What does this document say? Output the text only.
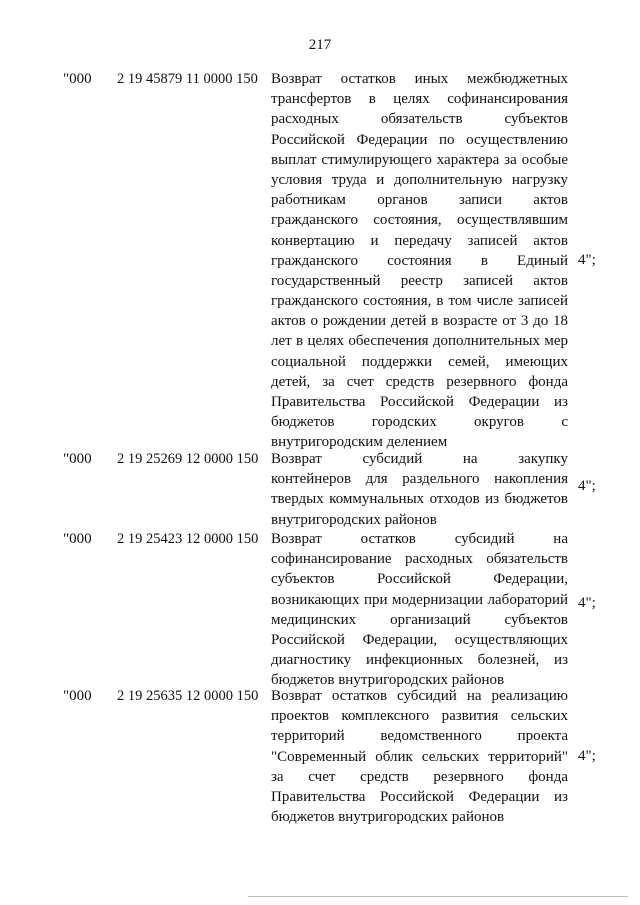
217
"000 2 19 45879 11 0000 150 Возврат остатков иных межбюджетных
трансфертов в целях софинансирования
расходных обязательств субъектов
Российской Федерации по осуществлению
выплат стимулирующего характера за особые
условия труда и дополнительную нагрузку
работникам органов записи актов
гражданского состояния, осуществлявшим
конвертацию и передачу записей актов
гражданского состояния в Единый
государственный реестр записей актов
гражданского состояния, в том числе записей
актов о рождении детей в возрасте от 3 до 18
лет в целях обеспечения дополнительных мер
социальной поддержки семей, имеющих
детей, за счет средств резервного фонда
Правительства Российской Федерации из
бюджетов городских округов с
внутригородским делением
4";
"000 2 19 25269 12 0000 150 Возврат субсидий на закупку
контейнеров для раздельного накопления
твердых коммунальных отходов из бюджетов
внутригородских районов
4";
"000 2 19 25423 12 0000 150 Возврат остатков субсидий на
софинансирование расходных обязательств
субъектов Российской Федерации,
возникающих при модернизации лабораторий
медицинских организаций субъектов
Российской Федерации, осуществляющих
диагностику инфекционных болезней, из
бюджетов внутригородских районов
4";
"000 2 19 25635 12 0000 150 Возврат остатков субсидий на реализацию
проектов комплексного развития сельских
территорий ведомственного проекта
"Современный облик сельских территорий"
за счет средств резервного фонда
Правительства Российской Федерации из
бюджетов внутригородских районов
4";
